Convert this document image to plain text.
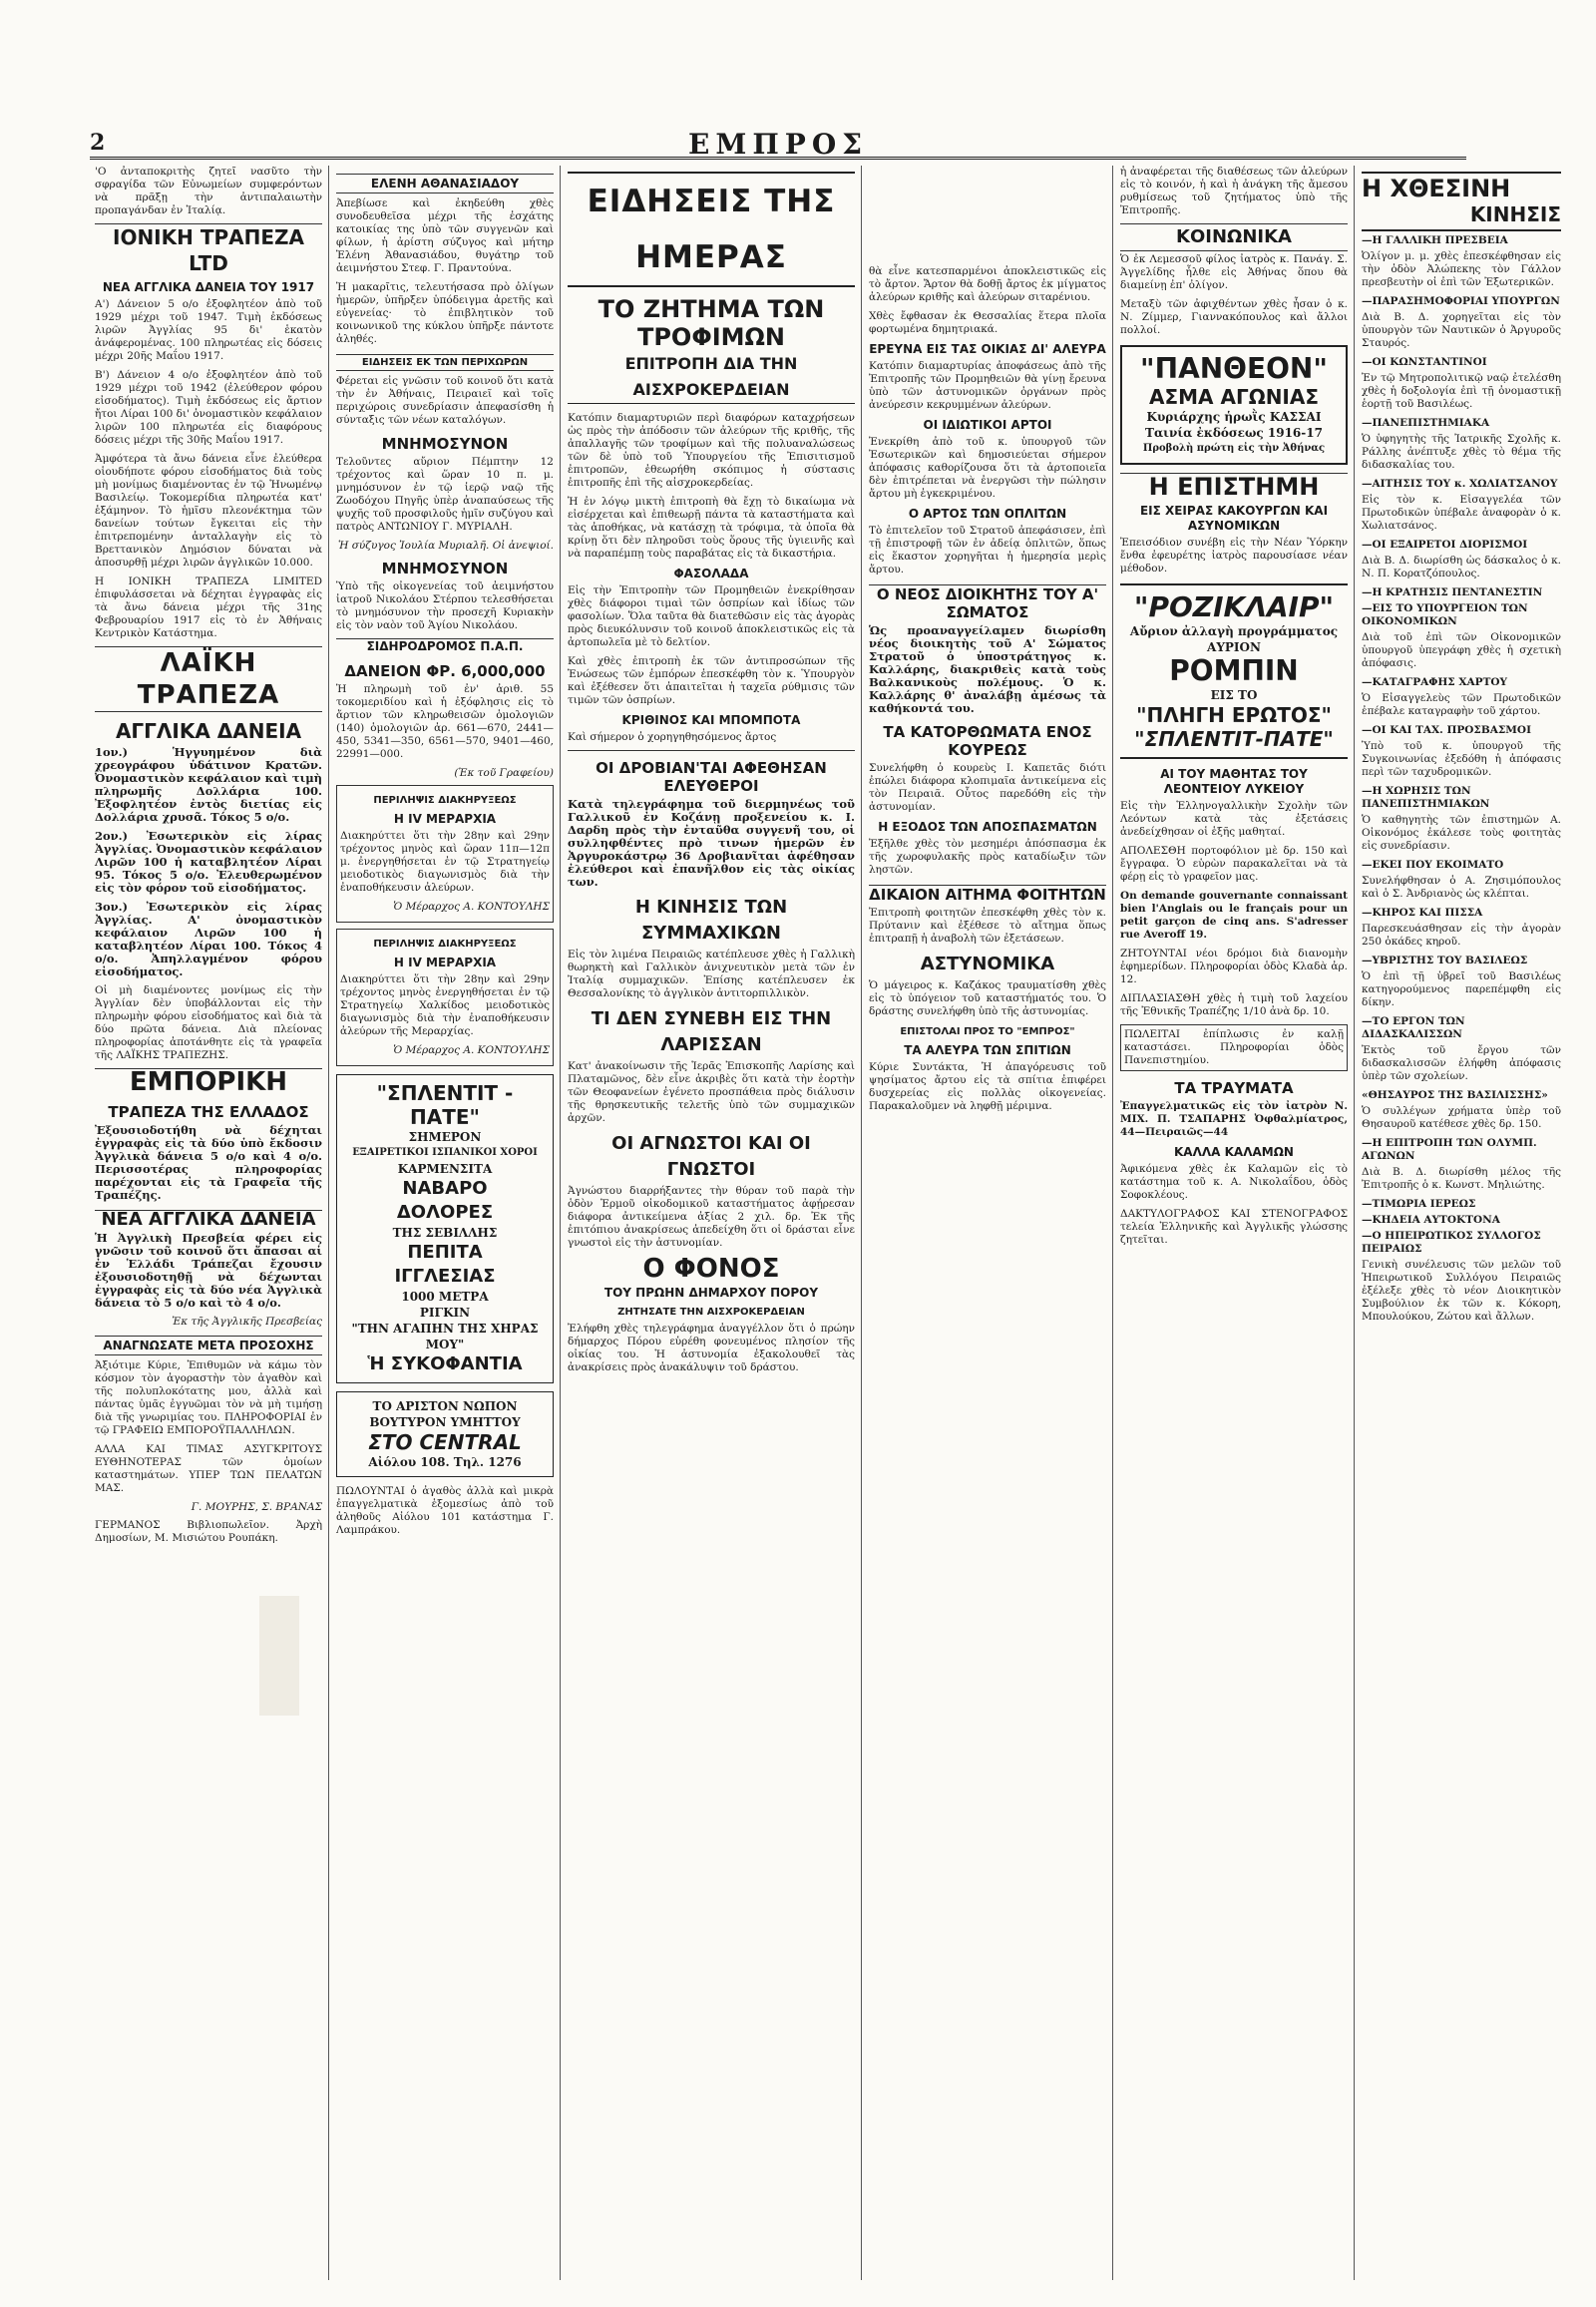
2	ΕΜΠΡΟΣ

'Ο ἀνταποκριτὴς ζητεῖ νασῦτο τὴν σφραγίδα τῶν Εὐνωμείων συμφερόντων νὰ πρᾶξῃ τὴν ἀντιπαλαιωτὴν προπαγάνδαν ἐν Ἰταλίᾳ.

ΙΟΝΙΚΗ ΤΡΑΠΕΖΑ LTD
ΝΕΑ ΑΓΓΛΙΚΑ ΔΑΝΕΙΑ ΤΟΥ 1917

Α') Δάνειον 5 ο/ο ἐξοφλητέον ἀπὸ τοῦ 1929 μέχρι τοῦ 1947. Τιμὴ ἐκδόσεως λιρῶν Ἀγγλίας 95 δι' ἑκατὸν ἀνάφερομένας. 100 πληρωτέας εἰς δόσεις μέχρι 20ῆς Μαΐου 1917.

Β') Δάνειον 4 ο/ο ἐξοφλητέον ἀπὸ τοῦ 1929 μέχρι τοῦ 1942 (ἐλεύθερον φόρου εἰσοδήματος). Τιμὴ ἐκδόσεως εἰς ἄρτιον ἤτοι Λίραι 100 δι' ὀνομαστικὸν κεφάλαιον λιρῶν 100 πληρωτέα εἰς διαφόρους δόσεις μέχρι τῆς 30ῆς Μαΐου 1917.

Ἀμφότερα τὰ ἄνω δάνεια εἶνε ἐλεύθερα οἱουδήποτε φόρου εἰσοδήματος διὰ τοὺς μὴ μονίμως διαμένοντας ἐν τῷ Ἡνωμένῳ Βασιλείῳ. Τοκομερίδια πληρωτέα κατ' ἑξάμηνον. Τὸ ἡμῖσυ πλεονέκτημα τῶν δανείων τούτων ἔγκειται εἰς τὴν ἐπιτρεπομένην ἀνταλλαγὴν εἰς τὸ Βρεττανικὸν Δημόσιον δύναται νὰ ἀποσυρθῇ μέχρι λιρῶν ἀγγλικῶν 10.000.

Η ΙΟΝΙΚΗ ΤΡΑΠΕΖΑ LIMITED ἐπιφυλάσσεται νὰ δέχηται ἐγγραφὰς εἰς τὰ ἄνω δάνεια μέχρι τῆς 31ης Φεβρουαρίου 1917 εἰς τὸ ἐν Ἀθήναις Κεντρικὸν Κατάστημα.

ΛΑΪΚΗ ΤΡΑΠΕΖΑ
ΑΓΓΛΙΚΑ ΔΑΝΕΙΑ

1ον.) Ἡγγυημένον διὰ χρεογράφου ὑδάτινον Κρατῶν. Ὀνομαστικὸν κεφάλαιον καὶ τιμὴ πληρωμῆς Δολλάρια 100. Ἐξοφλητέον ἐντὸς διετίας εἰς Δολλάρια χρυσᾶ. Τόκος 5 ο/ο.

2ον.) Ἐσωτερικὸν εἰς λίρας Ἀγγλίας. Ὀνομαστικὸν κεφάλαιον Λιρῶν 100 ἡ καταβλητέον Λίραι 95. Τόκος 5 ο/ο. Ἐλευθερωμένον εἰς τὸν φόρον τοῦ εἰσοδήματος.

3ον.) Ἐσωτερικὸν εἰς λίρας Ἀγγλίας. Α' ὀνομαστικὸν κεφάλαιον Λιρῶν 100 ἡ καταβλητέον Λίραι 100. Τόκος 4 ο/ο. Ἀπηλλαγμένον φόρου εἰσοδήματος.

Οἱ μὴ διαμένοντες μονίμως εἰς τὴν Ἀγγλίαν δὲν ὑποβάλλονται εἰς τὴν πληρωμὴν φόρου εἰσοδήματος καὶ διὰ τὰ δύο πρῶτα δάνεια. Διὰ πλείονας πληροφορίας ἀποτάνθητε εἰς τὰ γραφεῖα τῆς ΛΑΪΚΗΣ ΤΡΑΠΕΖΗΣ.

ΕΜΠΟΡΙΚΗ
ΤΡΑΠΕΖΑ ΤΗΣ ΕΛΛΑΔΟΣ

Ἐξουσιοδοτήθη νὰ δέχηται ἐγγραφὰς εἰς τὰ δύο ὑπὸ ἔκδοσιν Ἀγγλικὰ δάνεια 5 ο/ο καὶ 4 ο/ο. Περισσοτέρας πληροφορίας παρέχονται εἰς τὰ Γραφεῖα τῆς Τραπέζης.

ΝΕΑ ΑΓΓΛΙΚΑ ΔΑΝΕΙΑ

Ἡ Ἀγγλικὴ Πρεσβεία φέρει εἰς γνῶσιν τοῦ κοινοῦ ὅτι ἅπασαι αἱ ἐν Ἑλλάδι Τράπεζαι ἔχουσιν ἐξουσιοδοτηθῇ νὰ δέχωνται ἐγγραφὰς εἰς τὰ δύο νέα Ἀγγλικὰ δάνεια τὸ 5 ο/ο καὶ τὸ 4 ο/ο.

Ἐκ τῆς Ἀγγλικῆς Πρεσβείας
ΑΝΑΓΝΩΣΑΤΕ ΜΕΤΑ ΠΡΟΣΟΧΗΣ

Ἀξιότιμε Κύριε, Ἐπιθυμῶν νὰ κάμω τὸν κόσμον τὸν ἀγοραστὴν τὸν ἀγαθὸν καὶ τῆς πολυπλοκότατης μου, ἀλλὰ καὶ πάντας ὑμᾶς ἐγγυῶμαι τὸν νὰ μὴ τιμήσῃ διὰ τῆς γνωριμίας του. ΠΛΗΡΟΦΟΡΙΑΙ ἐν τῷ ΓΡΑΦΕΙΩ ΕΜΠΟΡΟΫΠΑΛΛΗΛΩΝ.

ΑΛΛΑ ΚΑΙ ΤΙΜΑΣ ΑΣΥΓΚΡΙΤΟΥΣ ΕΥΘΗΝΟΤΕΡΑΣ τῶν ὁμοίων καταστημάτων. ΥΠΕΡ ΤΩΝ ΠΕΛΑΤΩΝ ΜΑΣ.

Γ. ΜΟΥΡΗΣ, Σ. ΒΡΑΝΑΣ

ΓΕΡΜΑΝΟΣ Βιβλιοπωλεῖον. Ἀρχὴ Δημοσίων, Μ. Μισιώτου Ρουπάκη.

ΕΛΕΝΗ ΑΘΑΝΑΣΙΑΔΟΥ

Ἀπεβίωσε καὶ ἐκηδεύθη χθὲς συνοδευθεῖσα μέχρι τῆς ἐσχάτης κατοικίας της ὑπὸ τῶν συγγενῶν καὶ φίλων, ἡ ἀρίστη σύζυγος καὶ μήτηρ Ἑλένη Ἀθανασιάδου, θυγάτηρ τοῦ ἀειμνήστου Στεφ. Γ. Πραντούνα.

Ἡ μακαρῖτις, τελευτήσασα πρὸ ὀλίγων ἡμερῶν, ὑπῆρξεν ὑπόδειγμα ἀρετῆς καὶ εὐγενείας· τὸ ἐπιβλητικὸν τοῦ κοινωνικοῦ της κύκλου ὑπῆρξε πάντοτε ἀληθές.

ΕΙΔΗΣΕΙΣ ΕΚ ΤΩΝ ΠΕΡΙΧΩΡΩΝ

Φέρεται εἰς γνῶσιν τοῦ κοινοῦ ὅτι κατὰ τὴν ἐν Ἀθήναις, Πειραιεῖ καὶ τοῖς περιχώροις συνεδρίασιν ἀπεφασίσθη ἡ σύνταξις τῶν νέων καταλόγων.

ΜΝΗΜΟΣΥΝΟΝ

Τελοῦντες αὔριον Πέμπτην 12 τρέχοντος καὶ ὥραν 10 π. μ. μνημόσυνον ἐν τῷ ἱερῷ ναῷ τῆς Ζωοδόχου Πηγῆς ὑπὲρ ἀναπαύσεως τῆς ψυχῆς τοῦ προσφιλοῦς ἡμῖν συζύγου καὶ πατρὸς ΑΝΤΩΝΙΟΥ Γ. ΜΥΡΙΑΛΗ.

Ἡ σύζυγος Ἰουλία Μυριαλῆ. Οἱ ἀνεψιοί.
ΜΝΗΜΟΣΥΝΟΝ

Ὑπὸ τῆς οἰκογενείας τοῦ ἀειμνήστου ἰατροῦ Νικολάου Στέρπου τελεσθήσεται τὸ μνημόσυνον τὴν προσεχῆ Κυριακὴν εἰς τὸν ναὸν τοῦ Ἁγίου Νικολάου.

ΣΙΔΗΡΟΔΡΟΜΟΣ Π.Α.Π.
ΔΑΝΕΙΟΝ ΦΡ. 6,000,000

Ἡ πληρωμὴ τοῦ ἐν' ἀριθ. 55 τοκομεριδίου καὶ ἡ ἐξόφλησις εἰς τὸ ἄρτιον τῶν κληρωθεισῶν ὁμολογιῶν (140) ὁμολογιῶν ἀρ. 661—670, 2441—450, 5341—350, 6561—570, 9401—460, 22991—000.

(Ἐκ τοῦ Γραφείου)
ΠΕΡΙΛΗΨΙΣ ΔΙΑΚΗΡΥΞΕΩΣ
Η IV ΜΕΡΑΡΧΙΑ

Διακηρύττει ὅτι τὴν 28ην καὶ 29ην τρέχοντος μηνὸς καὶ ὥραν 11π—12π μ. ἐνεργηθήσεται ἐν τῷ Στρατηγείῳ μειοδοτικὸς διαγωνισμὸς διὰ τὴν ἐναποθήκευσιν ἀλεύρων.

Ὁ Μέραρχος Α. ΚΟΝΤΟΥΛΗΣ
ΠΕΡΙΛΗΨΙΣ ΔΙΑΚΗΡΥΞΕΩΣ
Η IV ΜΕΡΑΡΧΙΑ

Διακηρύττει ὅτι τὴν 28ην καὶ 29ην τρέχοντος μηνὸς ἐνεργηθήσεται ἐν τῷ Στρατηγείῳ Χαλκίδος μειοδοτικὸς διαγωνισμὸς διὰ τὴν ἐναποθήκευσιν ἀλεύρων τῆς Μεραρχίας.

Ὁ Μέραρχος Α. ΚΟΝΤΟΥΛΗΣ
"ΣΠΛΕΝΤΙΤ - ΠΑΤΕ"
ΣΗΜΕΡΟΝ
ΕΞΑΙΡΕΤΙΚΟΙ ΙΣΠΑΝΙΚΟΙ ΧΟΡΟΙ
ΚΑΡΜΕΝΣΙΤΑ
ΝΑΒΑΡΟ
ΔΟΛΟΡΕΣ
ΤΗΣ ΣΕΒΙΛΛΗΣ
ΠΕΠΙΤΑ
ΙΓΓΛΕΣΙΑΣ
1000 ΜΕΤΡΑ
ΡΙΓΚΙΝ
"ΤΗΝ ΑΓΑΠΗΝ ΤΗΣ ΧΗΡΑΣ ΜΟΥ"
Ἡ ΣΥΚΟΦΑΝΤΙΑ
ΤΟ ΑΡΙΣΤΟΝ ΝΩΠΟΝ ΒΟΥΤΥΡΟΝ ΥΜΗΤΤΟΥ
ΣΤΟ CENTRAL
Αἰόλου 108. Τηλ. 1276

ΠΩΛΟΥΝΤΑΙ ὁ ἀγαθὸς ἀλλὰ καὶ μικρὰ ἐπαγγελματικὰ ἑξομεσίως ἀπὸ τοῦ ἀληθοῦς Αἰόλου 101 κατάστημα Γ. Λαμπράκου.

ΕΙΔΗΣΕΙΣ ΤΗΣ ΗΜΕΡΑΣ
ΤΟ ΖΗΤΗΜΑ ΤΩΝ ΤΡΟΦΙΜΩΝ
ΕΠΙΤΡΟΠΗ ΔΙΑ ΤΗΝ ΑΙΣΧΡΟΚΕΡΔΕΙΑΝ

Κατόπιν διαμαρτυριῶν περὶ διαφόρων καταχρήσεων ὡς πρὸς τὴν ἀπόδοσιν τῶν ἀλεύρων τῆς κριθῆς, τῆς ἀπαλλαγῆς τῶν τροφίμων καὶ τῆς πολυαναλώσεως τῶν δὲ ὑπὸ τοῦ Ὑπουργείου τῆς Ἐπισιτισμοῦ ἐπιτροπῶν, ἐθεωρήθη σκόπιμος ἡ σύστασις ἐπιτροπῆς ἐπὶ τῆς αἰσχροκερδείας.

Ἡ ἐν λόγῳ μικτὴ ἐπιτροπὴ θὰ ἔχῃ τὸ δικαίωμα νὰ εἰσέρχεται καὶ ἐπιθεωρῇ πάντα τὰ καταστήματα καὶ τὰς ἀποθήκας, νὰ κατάσχῃ τὰ τρόφιμα, τὰ ὁποῖα θὰ κρίνῃ ὅτι δὲν πληροῦσι τοὺς ὅρους τῆς ὑγιεινῆς καὶ νὰ παραπέμπῃ τοὺς παραβάτας εἰς τὰ δικαστήρια.

ΦΑΣΟΛΑΔΑ

Εἰς τὴν Ἐπιτροπὴν τῶν Προμηθειῶν ἐνεκρίθησαν χθὲς διάφοροι τιμαὶ τῶν ὀσπρίων καὶ ἰδίως τῶν φασολίων. Ὅλα ταῦτα θὰ διατεθῶσιν εἰς τὰς ἀγορὰς πρὸς διευκόλυνσιν τοῦ κοινοῦ ἀποκλειστικῶς εἰς τὰ ἀρτοπωλεῖα μὲ τὸ δελτίον.

Καὶ χθὲς ἐπιτροπὴ ἐκ τῶν ἀντιπροσώπων τῆς Ἑνώσεως τῶν ἐμπόρων ἐπεσκέφθη τὸν κ. Ὑπουργὸν καὶ ἐξέθεσεν ὅτι ἀπαιτεῖται ἡ ταχεῖα ρύθμισις τῶν τιμῶν τῶν ὀσπρίων.

ΚΡΙΘΙΝΟΣ ΚΑΙ ΜΠΟΜΠΟΤΑ

Καὶ σήμερον ὁ χορηγηθησόμενος ἄρτος

ΟΙ ΔΡΟΒΙΑΝ'ΤΑΙ ΑΦΕΘΗΣΑΝ ΕΛΕΥΘΕΡΟΙ

Κατὰ τηλεγράφημα τοῦ διερμηνέως τοῦ Γαλλικοῦ ἐν Κοζάνῃ προξενείου κ. Ι. Δαρδη πρὸς τὴν ἐνταῦθα συγγενῆ του, οἱ συλληφθέντες πρὸ τινων ἡμερῶν ἐν Ἀργυροκάστρῳ 36 Δροβιανῖται ἀφέθησαν ἐλεύθεροι καὶ ἐπανῆλθον εἰς τὰς οἰκίας των.

Η ΚΙΝΗΣΙΣ ΤΩΝ ΣΥΜΜΑΧΙΚΩΝ

Εἰς τὸν λιμένα Πειραιῶς κατέπλευσε χθὲς ἡ Γαλλικὴ θωρηκτὴ καὶ Γαλλικὸν ἀνιχνευτικὸν μετὰ τῶν ἐν Ἰταλίᾳ συμμαχικῶν. Ἐπίσης κατέπλευσεν ἐκ Θεσσαλονίκης τὸ ἀγγλικὸν ἀντιτορπιλλικὸν.

ΤΙ ΔΕΝ ΣΥΝΕΒΗ ΕΙΣ ΤΗΝ ΛΑΡΙΣΣΑΝ

Κατ' ἀνακοίνωσιν τῆς Ἱερᾶς Ἐπισκοπῆς Λαρίσης καὶ Πλαταμῶνος, δὲν εἶνε ἀκριβὲς ὅτι κατὰ τὴν ἑορτὴν τῶν Θεοφανείων ἐγένετο προσπάθεια πρὸς διάλυσιν τῆς θρησκευτικῆς τελετῆς ὑπὸ τῶν συμμαχικῶν ἀρχῶν.

ΟΙ ΑΓΝΩΣΤΟΙ ΚΑΙ ΟΙ ΓΝΩΣΤΟΙ

Ἀγνώστου διαρρήξαντες τὴν θύραν τοῦ παρὰ τὴν ὁδὸν Ἑρμοῦ οἰκοδομικοῦ καταστήματος ἀφῄρεσαν διάφορα ἀντικείμενα ἀξίας 2 χιλ. δρ. Ἐκ τῆς ἐπιτόπιου ἀνακρίσεως ἀπεδείχθη ὅτι οἱ δράσται εἶνε γνωστοὶ εἰς τὴν ἀστυνομίαν.

Ο ΦΟΝΟΣ
ΤΟΥ ΠΡΩΗΝ ΔΗΜΑΡΧΟΥ ΠΟΡΟΥ
ΖΗΤΗΣΑΤΕ ΤΗΝ ΑΙΣΧΡΟΚΕΡΔΕΙΑΝ

Ἐλήφθη χθὲς τηλεγράφημα ἀναγγέλλον ὅτι ὁ πρώην δήμαρχος Πόρου εὑρέθη φονευμένος πλησίον τῆς οἰκίας του. Ἡ ἀστυνομία ἐξακολουθεῖ τὰς ἀνακρίσεις πρὸς ἀνακάλυψιν τοῦ δράστου.

θὰ εἶνε κατεσπαρμένοι ἀποκλειστικῶς εἰς τὸ ἄρτον. Ἄρτον θὰ δοθῇ ἄρτος ἐκ μίγματος ἀλεύρων κριθῆς καὶ ἀλεύρων σιταρένιου.

Χθὲς ἔφθασαν ἐκ Θεσσαλίας ἕτερα πλοῖα φορτωμένα δημητριακά.

ΕΡΕΥΝΑ ΕΙΣ ΤΑΣ ΟΙΚΙΑΣ ΔΙ' ΑΛΕΥΡΑ

Κατόπιν διαμαρτυρίας ἀποφάσεως ἀπὸ τῆς Ἐπιτροπῆς τῶν Προμηθειῶν θὰ γίνῃ ἔρευνα ὑπὸ τῶν ἀστυνομικῶν ὀργάνων πρὸς ἀνεύρεσιν κεκρυμμένων ἀλεύρων.

ΟΙ ΙΔΙΩΤΙΚΟΙ ΑΡΤΟΙ

Ἐνεκρίθη ἀπὸ τοῦ κ. ὑπουργοῦ τῶν Ἐσωτερικῶν καὶ δημοσιεύεται σήμερον ἀπόφασις καθορίζουσα ὅτι τὰ ἀρτοποιεῖα δὲν ἐπιτρέπεται νὰ ἐνεργῶσι τὴν πώλησιν ἄρτου μὴ ἐγκεκριμένου.

Ο ΑΡΤΟΣ ΤΩΝ ΟΠΛΙΤΩΝ

Τὸ ἐπιτελεῖον τοῦ Στρατοῦ ἀπεφάσισεν, ἐπὶ τῇ ἐπιστροφῇ τῶν ἐν ἀδείᾳ ὁπλιτῶν, ὅπως εἰς ἕκαστον χορηγῆται ἡ ἡμερησία μερὶς ἄρτου.

Ο ΝΕΟΣ ΔΙΟΙΚΗΤΗΣ ΤΟΥ Α' ΣΩΜΑΤΟΣ

Ὡς προαναγγείλαμεν διωρίσθη νέος διοικητὴς τοῦ Α' Σώματος Στρατοῦ ὁ ὑποστράτηγος κ. Καλλάρης, διακριθεὶς κατὰ τοὺς Βαλκανικοὺς πολέμους. Ὁ κ. Καλλάρης θ' ἀναλάβῃ ἀμέσως τὰ καθήκοντά του.

ΤΑ ΚΑΤΟΡΘΩΜΑΤΑ ΕΝΟΣ ΚΟΥΡΕΩΣ

Συνελήφθη ὁ κουρεὺς Ι. Καπετᾶς διότι ἐπώλει διάφορα κλοπιμαῖα ἀντικείμενα εἰς τὸν Πειραιᾶ. Οὗτος παρεδόθη εἰς τὴν ἀστυνομίαν.

Η ΕΞΟΔΟΣ ΤΩΝ ΑΠΟΣΠΑΣΜΑΤΩΝ

Ἐξῆλθε χθὲς τὸν μεσημέρι ἀπόσπασμα ἐκ τῆς χωροφυλακῆς πρὸς καταδίωξιν τῶν ληστῶν.

ΔΙΚΑΙΟΝ ΑΙΤΗΜΑ ΦΟΙΤΗΤΩΝ

Ἐπιτροπὴ φοιτητῶν ἐπεσκέφθη χθὲς τὸν κ. Πρύτανιν καὶ ἐξέθεσε τὸ αἴτημα ὅπως ἐπιτραπῇ ἡ ἀναβολὴ τῶν ἐξετάσεων.

ΑΣΤΥΝΟΜΙΚΑ

Ὁ μάγειρος κ. Καζάκος τραυματίσθη χθὲς εἰς τὸ ὑπόγειον τοῦ καταστήματός του. Ὁ δράστης συνελήφθη ὑπὸ τῆς ἀστυνομίας.

ΕΠΙΣΤΟΛΑΙ ΠΡΟΣ ΤΟ "ΕΜΠΡΟΣ"
ΤΑ ΑΛΕΥΡΑ ΤΩΝ ΣΠΙΤΙΩΝ

Κύριε Συντάκτα, Ἡ ἀπαγόρευσις τοῦ ψησίματος ἄρτου εἰς τὰ σπίτια ἐπιφέρει δυσχερείας εἰς πολλὰς οἰκογενείας. Παρακαλοῦμεν νὰ ληφθῇ μέριμνα.

ἡ ἀναφέρεται τῆς διαθέσεως τῶν ἀλεύρων εἰς τὸ κοινόν, ἡ καὶ ἡ ἀνάγκη τῆς ἄμεσου ρυθμίσεως τοῦ ζητήματος ὑπὸ τῆς Ἐπιτροπῆς.

ΚΟΙΝΩΝΙΚΑ

Ὁ ἐκ Λεμεσσοῦ φίλος ἰατρὸς κ. Πανάγ. Σ. Ἀγγελίδης ἦλθε εἰς Ἀθήνας ὅπου θὰ διαμείνῃ ἐπ' ὀλίγον.

Μεταξὺ τῶν ἀφιχθέντων χθὲς ἦσαν ὁ κ. Ν. Ζίμμερ, Γιαννακόπουλος καὶ ἄλλοι πολλοί.

"ΠΑΝΘΕΟΝ"
ΑΣΜΑ ΑΓΩΝΙΑΣ
Κυριάρχης ἡρωῒς ΚΑΣΣΑΙ
Ταινία ἐκδόσεως 1916-17
Προβολὴ πρώτη εἰς τὴν Ἀθήνας
Η ΕΠΙΣΤΗΜΗ
ΕΙΣ ΧΕΙΡΑΣ ΚΑΚΟΥΡΓΩΝ ΚΑΙ ΑΣΥΝΟΜΙΚΩΝ

Ἐπεισόδιον συνέβη εἰς τὴν Νέαν Ὑόρκην ἔνθα ἐφευρέτης ἰατρὸς παρουσίασε νέαν μέθοδον.

"ΡΟΖΙΚΛΑΙΡ"
Αὔριον ἀλλαγὴ προγράμματος
ΑΥΡΙΟΝ
ΡΟΜΠΙΝ
ΕΙΣ ΤΟ
"ΠΛΗΓΗ ΕΡΩΤΟΣ"
"ΣΠΛΕΝΤΙΤ-ΠΑΤΕ"
ΑΙ ΤΟΥ ΜΑΘΗΤΑΣ ΤΟΥ ΛΕΟΝΤΕΙΟΥ ΛΥΚΕΙΟΥ

Εἰς τὴν Ἑλληνογαλλικὴν Σχολὴν τῶν Λεόντων κατὰ τὰς ἐξετάσεις ἀνεδείχθησαν οἱ ἑξῆς μαθηταί.

ΑΠΟΛΕΣΘΗ πορτοφόλιον μὲ δρ. 150 καὶ ἔγγραφα. Ὁ εὑρὼν παρακαλεῖται νὰ τὰ φέρῃ εἰς τὸ γραφεῖον μας.

On demande gouvernante connaissant bien l'Anglais ou le français pour un petit garçon de cinq ans. S'adresser rue Averoff 19.

ΖΗΤΟΥΝΤΑΙ νέοι δρόμοι διὰ διανομὴν ἐφημερίδων. Πληροφορίαι ὁδὸς Κλαδὰ ἀρ. 12.

ΔΙΠΛΑΣΙΑΣΘΗ χθὲς ἡ τιμὴ τοῦ λαχείου τῆς Ἐθνικῆς Τραπέζης 1/10 ἀνὰ δρ. 10.

ΠΩΛΕΙΤΑΙ ἐπίπλωσις ἐν καλῇ καταστάσει. Πληροφορίαι ὁδὸς Πανεπιστημίου.

ΤΑ ΤΡΑΥΜΑΤΑ

Ἐπαγγελματικῶς εἰς τὸν ἰατρὸν Ν. ΜΙΧ. Π. ΤΣΑΠΑΡΗΣ Ὀφθαλμίατρος, 44—Πειραιῶς—44

ΚΑΛΛΑ ΚΑΛΑΜΩΝ

Ἀφικόμενα χθὲς ἐκ Καλαμῶν εἰς τὸ κατάστημα τοῦ κ. Α. Νικολαΐδου, ὁδὸς Σοφοκλέους.

ΔΑΚΤΥΛΟΓΡΑΦΟΣ ΚΑΙ ΣΤΕΝΟΓΡΑΦΟΣ τελεία Ἑλληνικῆς καὶ Ἀγγλικῆς γλώσσης ζητεῖται.

Η ΧΘΕΣΙΝΗ
ΚΙΝΗΣΙΣ
—Η ΓΑΛΛΙΚΗ ΠΡΕΣΒΕΙΑ

Ὀλίγον μ. μ. χθὲς ἐπεσκέφθησαν εἰς τὴν ὁδὸν Ἀλώπεκης τὸν Γάλλον πρεσβευτὴν οἱ ἐπὶ τῶν Ἐξωτερικῶν.

—ΠΑΡΑΣΗΜΟΦΟΡΙΑΙ ΥΠΟΥΡΓΩΝ

Διὰ Β. Δ. χορηγεῖται εἰς τὸν ὑπουργὸν τῶν Ναυτικῶν ὁ Ἀργυροῦς Σταυρός.

—ΟΙ ΚΩΝΣΤΑΝΤΙΝΟΙ

Ἐν τῷ Μητροπολιτικῷ ναῷ ἐτελέσθη χθὲς ἡ δοξολογία ἐπὶ τῇ ὀνομαστικῇ ἑορτῇ τοῦ Βασιλέως.

—ΠΑΝΕΠΙΣΤΗΜΙΑΚΑ

Ὁ ὑφηγητὴς τῆς Ἰατρικῆς Σχολῆς κ. Ράλλης ἀνέπτυξε χθὲς τὸ θέμα τῆς διδασκαλίας του.

—ΑΙΤΗΣΙΣ ΤΟΥ κ. ΧΩΛΙΑΤΣΑΝΟΥ

Εἰς τὸν κ. Εἰσαγγελέα τῶν Πρωτοδικῶν ὑπέβαλε ἀναφορὰν ὁ κ. Χωλιατσάνος.

—ΟΙ ΕΞΑΙΡΕΤΟΙ ΔΙΟΡΙΣΜΟΙ

Διὰ Β. Δ. διωρίσθη ὡς δάσκαλος ὁ κ. Ν. Π. Κορατζόπουλος.

—Η ΚΡΑΤΗΣΙΣ ΠΕΝΤΑΝΕΣΤΙΝ
—ΕΙΣ ΤΟ ΥΠΟΥΡΓΕΙΟΝ ΤΩΝ ΟΙΚΟΝΟΜΙΚΩΝ

Διὰ τοῦ ἐπὶ τῶν Οἰκονομικῶν ὑπουργοῦ ὑπεγράφη χθὲς ἡ σχετικὴ ἀπόφασις.

—ΚΑΤΑΓΡΑΦΗΣ ΧΑΡΤΟΥ

Ὁ Εἰσαγγελεὺς τῶν Πρωτοδικῶν ἐπέβαλε καταγραφὴν τοῦ χάρτου.

—ΟΙ ΚΑΙ ΤΑΧ. ΠΡΟΣΒΑΣΜΟΙ

Ὑπὸ τοῦ κ. ὑπουργοῦ τῆς Συγκοινωνίας ἐξεδόθη ἡ ἀπόφασις περὶ τῶν ταχυδρομικῶν.

—Η ΧΩΡΗΣΙΣ ΤΩΝ ΠΑΝΕΠΙΣΤΗΜΙΑΚΩΝ

Ὁ καθηγητὴς τῶν ἐπιστημῶν Α. Οἰκονόμος ἐκάλεσε τοὺς φοιτητὰς εἰς συνεδρίασιν.

—ΕΚΕΙ ΠΟΥ ΕΚΟΙΜΑΤΟ

Συνελήφθησαν ὁ Α. Ζησιμόπουλος καὶ ὁ Σ. Ἀνδριανὸς ὡς κλέπται.

—ΚΗΡΟΣ ΚΑΙ ΠΙΣΣΑ

Παρεσκευάσθησαν εἰς τὴν ἀγορὰν 250 ὀκάδες κηροῦ.

—ΥΒΡΙΣΤΗΣ ΤΟΥ ΒΑΣΙΛΕΩΣ

Ὁ ἐπὶ τῇ ὑβρεῖ τοῦ Βασιλέως κατηγορούμενος παρεπέμφθη εἰς δίκην.

—ΤΟ ΕΡΓΟΝ ΤΩΝ ΔΙΔΑΣΚΑΛΙΣΣΩΝ

Ἐκτὸς τοῦ ἔργου τῶν διδασκαλισσῶν ἐλήφθη ἀπόφασις ὑπὲρ τῶν σχολείων.

«ΘΗΣΑΥΡΟΣ ΤΗΣ ΒΑΣΙΛΙΣΣΗΣ»

Ὁ συλλέγων χρήματα ὑπὲρ τοῦ Θησαυροῦ κατέθεσε χθὲς δρ. 150.

—Η ΕΠΙΤΡΟΠΗ ΤΩΝ ΟΛΥΜΠ. ΑΓΩΝΩΝ

Διὰ Β. Δ. διωρίσθη μέλος τῆς Ἐπιτροπῆς ὁ κ. Κωνστ. Μηλιώτης.

—ΤΙΜΩΡΙΑ ΙΕΡΕΩΣ
—ΚΗΔΕΙΑ ΑΥΤΟΚΤΟΝΑ
—Ο ΗΠΕΙΡΩΤΙΚΟΣ ΣΥΛΛΟΓΟΣ ΠΕΙΡΑΙΩΣ

Γενικὴ συνέλευσις τῶν μελῶν τοῦ Ἠπειρωτικοῦ Συλλόγου Πειραιῶς ἐξέλεξε χθὲς τὸ νέον Διοικητικὸν Συμβούλιον ἐκ τῶν κ. Κόκορη, Μπουλούκου, Ζώτου καὶ ἄλλων.
